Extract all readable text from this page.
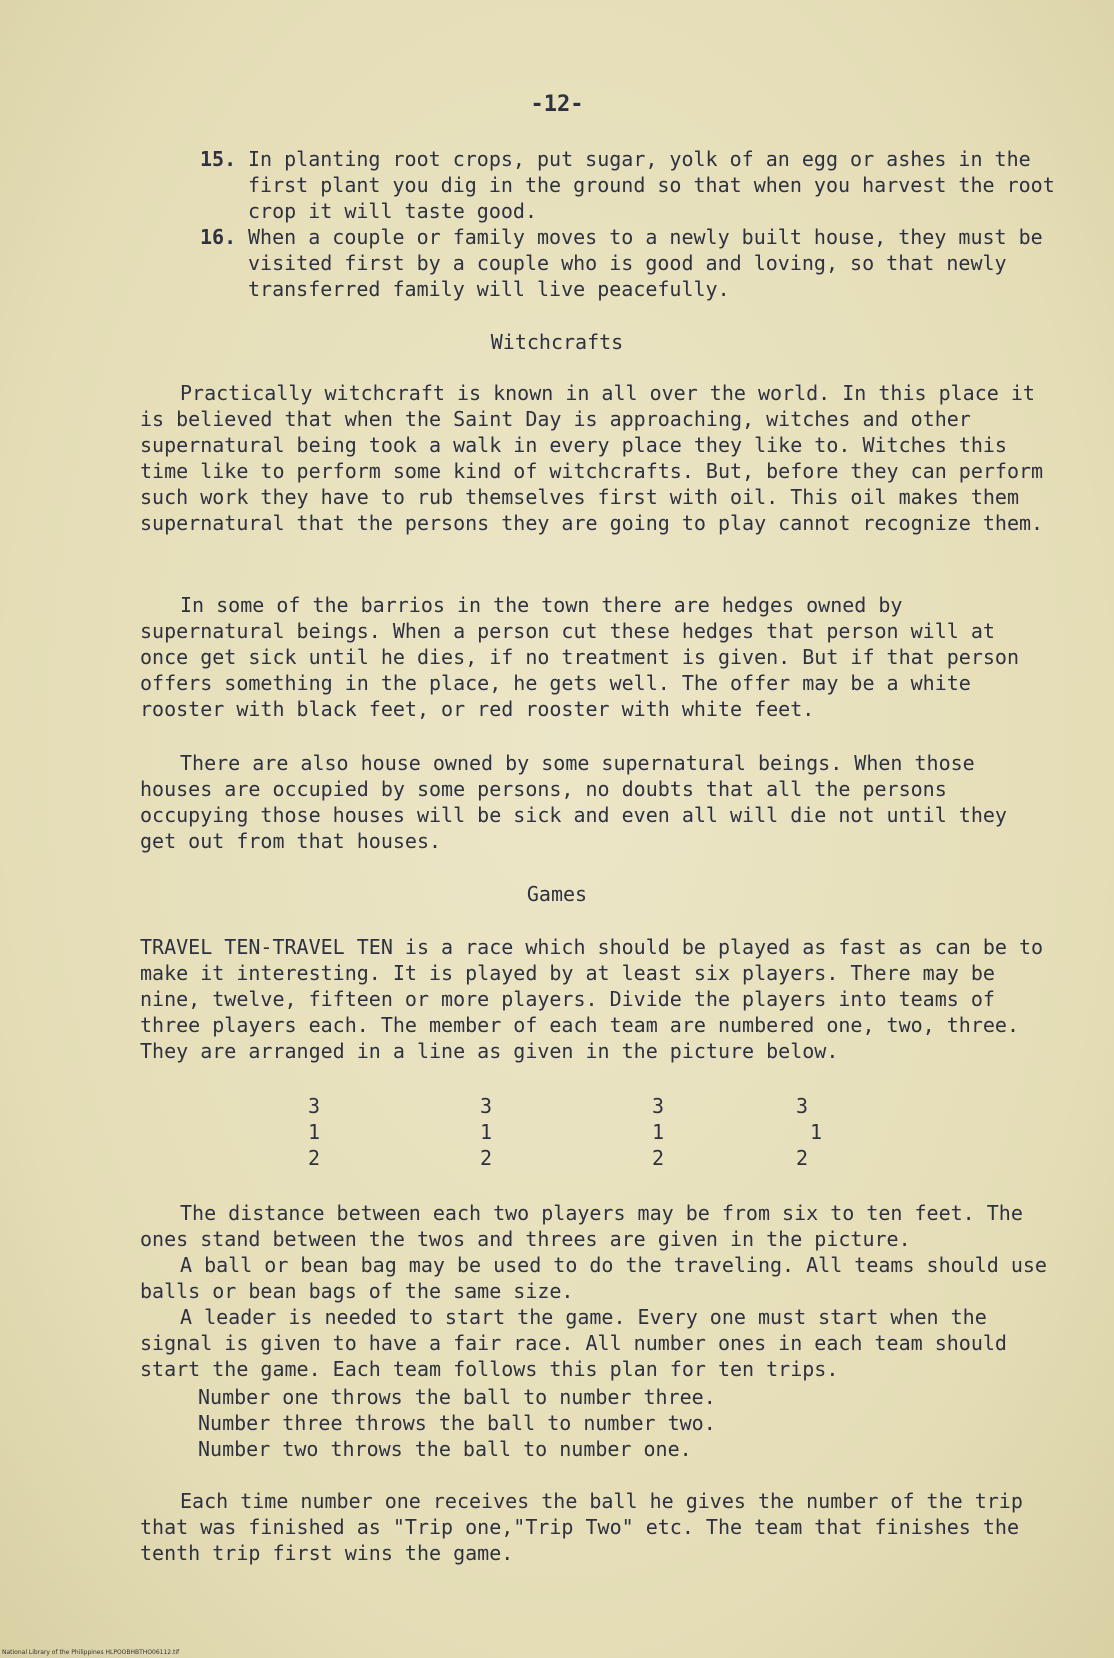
-12-
15. In planting root crops, put sugar, yolk of an egg or ashes in the first plant you dig in the ground so that when you harvest the root crop it will taste good.
16. When a couple or family moves to a newly built house, they must be visited first by a couple who is good and loving, so that newly transferred family will live peacefully.
Witchcrafts

Practically witchcraft is known in all over the world. In this place it is believed that when the Saint Day is approaching, witches and other supernatural being took a walk in every place they like to. Witches this time like to perform some kind of witchcrafts. But, before they can perform such work they have to rub themselves first with oil. This oil makes them supernatural that the persons they are going to play cannot recognize them.

In some of the barrios in the town there are hedges owned by supernatural beings. When a person cut these hedges that person will at once get sick until he dies, if no treatment is given. But if that person offers something in the place, he gets well. The offer may be a white rooster with black feet, or red rooster with white feet.

There are also house owned by some supernatural beings. When those houses are occupied by some persons, no doubts that all the persons occupying those houses will be sick and even all will die not until they get out from that houses.

Games

TRAVEL TEN-TRAVEL TEN is a race which should be played as fast as can be to make it interesting. It is played by at least six players. There may be nine, twelve, fifteen or more players. Divide the players into teams of three players each. The member of each team are numbered one, two, three. They are arranged in a line as given in the picture below.

3	3	3	3
1	1	1	1
2	2	2	2

The distance between each two players may be from six to ten feet. The ones stand between the twos and threes are given in the picture.

A ball or bean bag may be used to do the traveling. All teams should use balls or bean bags of the same size.

A leader is needed to start the game. Every one must start when the signal is given to have a fair race. All number ones in each team should start the game. Each team follows this plan for ten trips.

Number one throws the ball to number three.
Number three throws the ball to number two.
Number two throws the ball to number one.

Each time number one receives the ball he gives the number of the trip that was finished as "Trip one,"Trip Two" etc. The team that finishes the tenth trip first wins the game.

National Library of the Philippines HLPOOBHBTHO06112.tif
